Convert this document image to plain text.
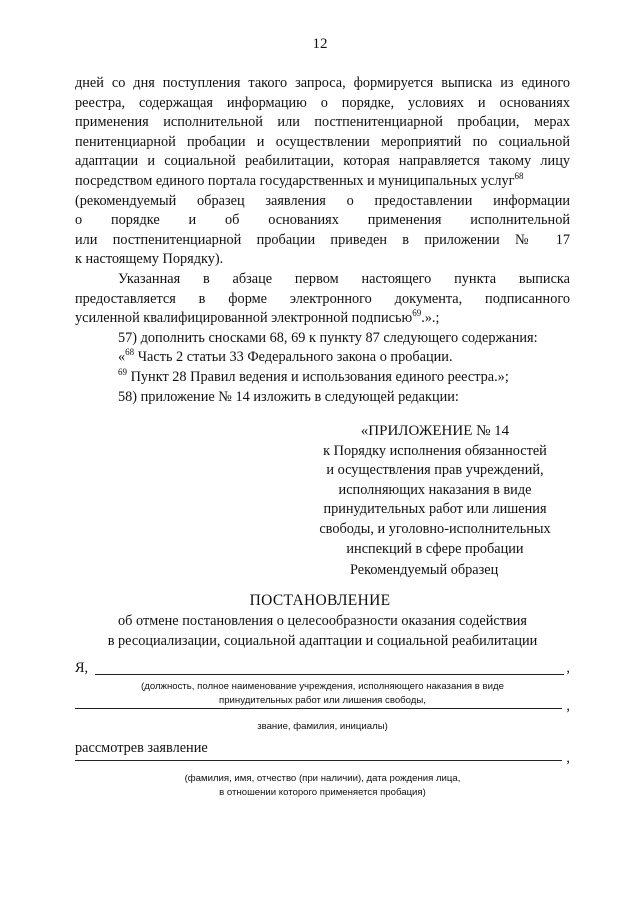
12
дней со дня поступления такого запроса, формируется выписка из единого
реестра, содержащая информацию о порядке, условиях и основаниях
применения исполнительной или постпенитенциарной пробации, мерах
пенитенциарной пробации и осуществлении мероприятий по социальной
адаптации и социальной реабилитации, которая направляется такому лицу
посредством единого портала государственных и муниципальных услуг$^{68}$
(рекомендуемый образец заявления о предоставлении информации
о порядке и об основаниях применения исполнительной
или постпенитенциарной пробации приведен в приложении № 17
к настоящему Порядку).
Указанная в абзаце первом настоящего пункта выписка
предоставляется в форме электронного документа, подписанного
усиленной квалифицированной электронной подписью$^{69}$.».;
57) дополнить сносками 68, 69 к пункту 87 следующего содержания:
«$^{68}$ Часть 2 статьи 33 Федерального закона о пробации.
$^{69}$ Пункт 28 Правил ведения и использования единого реестра.»;
58) приложение № 14 изложить в следующей редакции:
«ПРИЛОЖЕНИЕ № 14
к Порядку исполнения обязанностей
и осуществления прав учреждений,
исполняющих наказания в виде
принудительных работ или лишения
свободы, и уголовно-исполнительных
инспекций в сфере пробации
Рекомендуемый образец
ПОСТАНОВЛЕНИЕ
об отмене постановления о целесообразности оказания содействия
в ресоциализации, социальной адаптации и социальной реабилитации
Я,	,
(должность, полное наименование учреждения, исполняющего наказания в виде
принудительных работ или лишения свободы,	,
звание, фамилия, инициалы)
рассмотрев заявление
,
(фамилия, имя, отчество (при наличии), дата рождения лица,
в отношении которого применяется пробация)
